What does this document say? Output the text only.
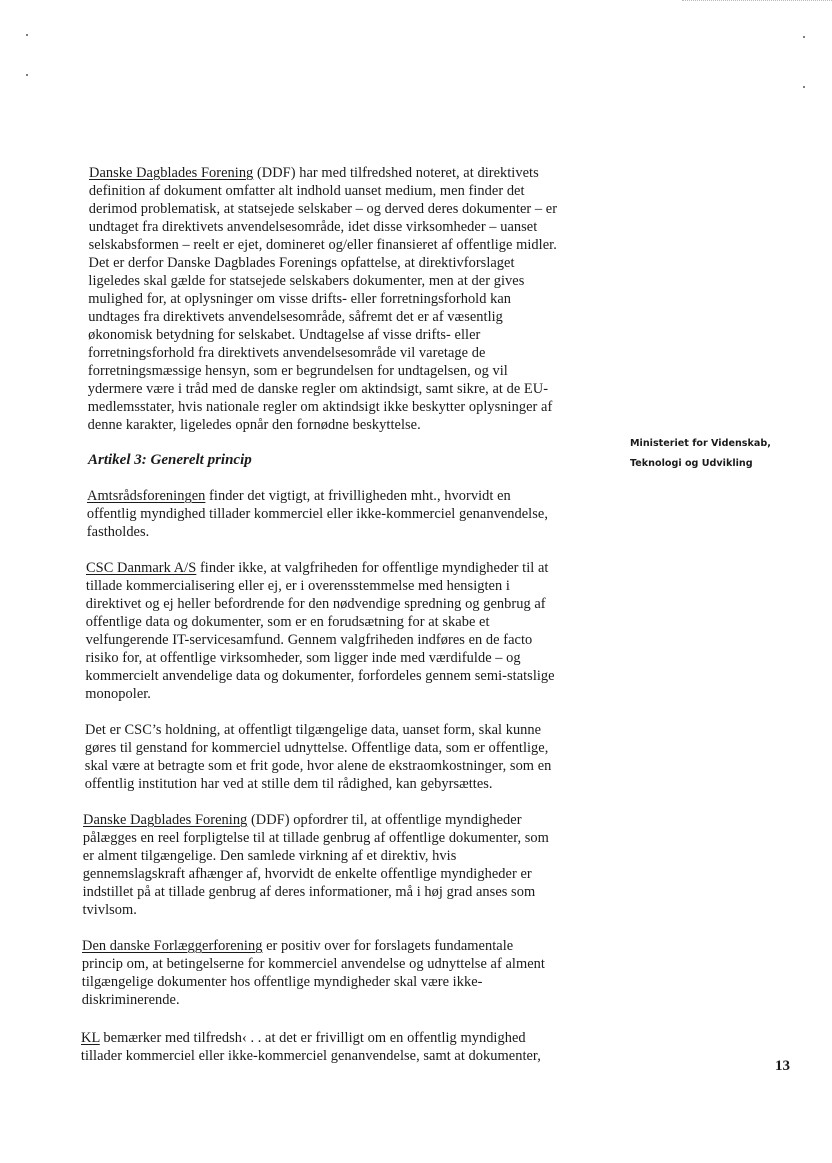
Danske Dagblades Forening (DDF) har med tilfredshed noteret, at direktivets
definition af dokument omfatter alt indhold uanset medium, men finder det
derimod problematisk, at statsejede selskaber – og derved deres dokumenter – er
undtaget fra direktivets anvendelsesområde, idet disse virksomheder – uanset
selskabsformen – reelt er ejet, domineret og/eller finansieret af offentlige midler.
Det er derfor Danske Dagblades Forenings opfattelse, at direktivforslaget
ligeledes skal gælde for statsejede selskabers dokumenter, men at der gives
mulighed for, at oplysninger om visse drifts- eller forretningsforhold kan
undtages fra direktivets anvendelsesområde, såfremt det er af væsentlig
økonomisk betydning for selskabet. Undtagelse af visse drifts- eller
forretningsforhold fra direktivets anvendelsesområde vil varetage de
forretningsmæssige hensyn, som er begrundelsen for undtagelsen, og vil
ydermere være i tråd med de danske regler om aktindsigt, samt sikre, at de EU-
medlemsstater, hvis nationale regler om aktindsigt ikke beskytter oplysninger af
denne karakter, ligeledes opnår den fornødne beskyttelse.
Amtsrådsforeningen finder det vigtigt, at frivilligheden mht., hvorvidt en
offentlig myndighed tillader kommerciel eller ikke-kommerciel genanvendelse,
fastholdes.
CSC Danmark A/S finder ikke, at valgfriheden for offentlige myndigheder til at
tillade kommercialisering eller ej, er i overensstemmelse med hensigten i
direktivet og ej heller befordrende for den nødvendige spredning og genbrug af
offentlige data og dokumenter, som er en forudsætning for at skabe et
velfungerende IT-servicesamfund. Gennem valgfriheden indføres en de facto
risiko for, at offentlige virksomheder, som ligger inde med værdifulde – og
kommercielt anvendelige data og dokumenter, forfordeles gennem semi-statslige
monopoler.
Det er CSC’s holdning, at offentligt tilgængelige data, uanset form, skal kunne
gøres til genstand for kommerciel udnyttelse. Offentlige data, som er offentlige,
skal være at betragte som et frit gode, hvor alene de ekstraomkostninger, som en
offentlig institution har ved at stille dem til rådighed, kan gebyrsættes.
Danske Dagblades Forening (DDF) opfordrer til, at offentlige myndigheder
pålægges en reel forpligtelse til at tillade genbrug af offentlige dokumenter, som
er alment tilgængelige. Den samlede virkning af et direktiv, hvis
gennemslagskraft afhænger af, hvorvidt de enkelte offentlige myndigheder er
indstillet på at tillade genbrug af deres informationer, må i høj grad anses som
tvivlsom.
Den danske Forlæggerforening er positiv over for forslagets fundamentale
princip om, at betingelserne for kommerciel anvendelse og udnyttelse af alment
tilgængelige dokumenter hos offentlige myndigheder skal være ikke-
diskriminerende.
KL bemærker med tilfredsh‹ . . at det er frivilligt om en offentlig myndighed
tillader kommerciel eller ikke-kommerciel genanvendelse, samt at dokumenter,
Artikel 3: Generelt princip
Ministeriet for Videnskab,
Teknologi og Udvikling
13
